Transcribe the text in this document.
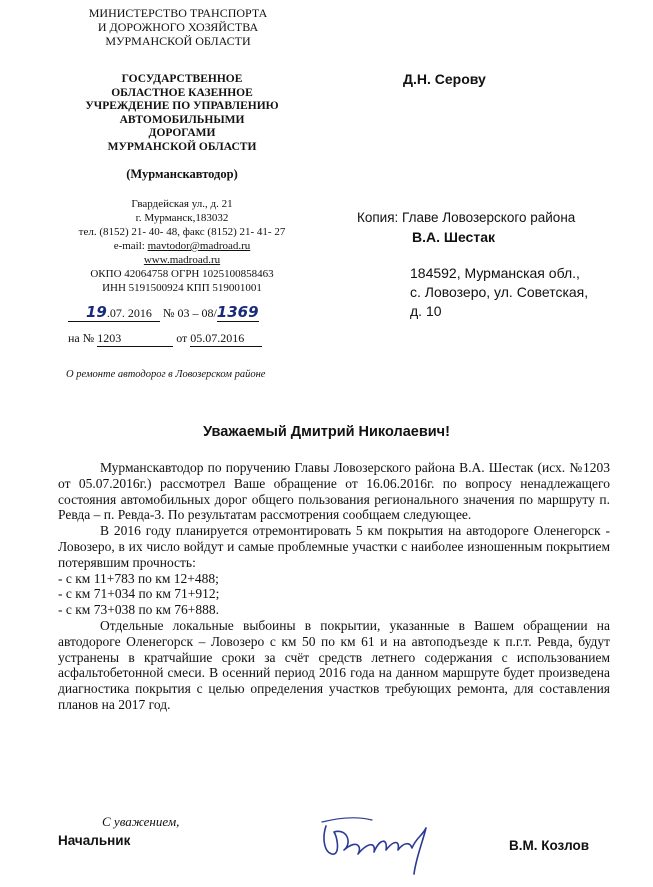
МИНИСТЕРСТВО ТРАНСПОРТА
И ДОРОЖНОГО ХОЗЯЙСТВА
МУРМАНСКОЙ ОБЛАСТИ
ГОСУДАРСТВЕННОЕ
ОБЛАСТНОЕ КАЗЕННОЕ
УЧРЕЖДЕНИЕ ПО УПРАВЛЕНИЮ
АВТОМОБИЛЬНЫМИ
ДОРОГАМИ
МУРМАНСКОЙ ОБЛАСТИ
(Мурманскавтодор)
Гвардейская ул., д. 21
г. Мурманск,183032
тел. (8152) 21- 40- 48, факс (8152) 21- 41- 27
e-mail: mavtodor@madroad.ru
www.madroad.ru
ОКПО 42064758 ОГРН 1025100858463
ИНН 5191500924 КПП 519001001
19.07. 2016 № 03 – 08/1369
на № 1203	от 05.07.2016
О ремонте автодорог в Ловозерском районе
Д.Н. Серову
Копия: Главе Ловозерского района
В.А. Шестак
184592, Мурманская обл.,
с. Ловозеро, ул. Советская,
д. 10
Уважаемый Дмитрий Николаевич!

Мурманскавтодор по поручению Главы Ловозерского района В.А. Шестак (исх. №1203 от 05.07.2016г.) рассмотрел Ваше обращение от 16.06.2016г. по вопросу ненадлежащего состояния автомобильных дорог общего пользования регионального значения по маршруту п. Ревда – п. Ревда-3. По результатам рассмотрения сообщаем следующее.

В 2016 году планируется отремонтировать 5 км покрытия на автодороге Оленегорск - Ловозеро, в их число войдут и самые проблемные участки с наиболее изношенным покрытием потерявшим прочность:

- с км 11+783 по км 12+488;

- с км 71+034 по км 71+912;

- с км 73+038 по км 76+888.

Отдельные локальные выбоины в покрытии, указанные в Вашем обращении на автодороге Оленегорск – Ловозеро с км 50 по км 61 и на автоподъезде к п.г.т. Ревда, будут устранены в кратчайшие сроки за счёт средств летнего содержания с использованием асфальтобетонной смеси. В осенний период 2016 года на данном маршруте будет произведена диагностика покрытия с целью определения участков требующих ремонта, для составления планов на 2017 год.

С уважением,
Начальник	В.М. Козлов
